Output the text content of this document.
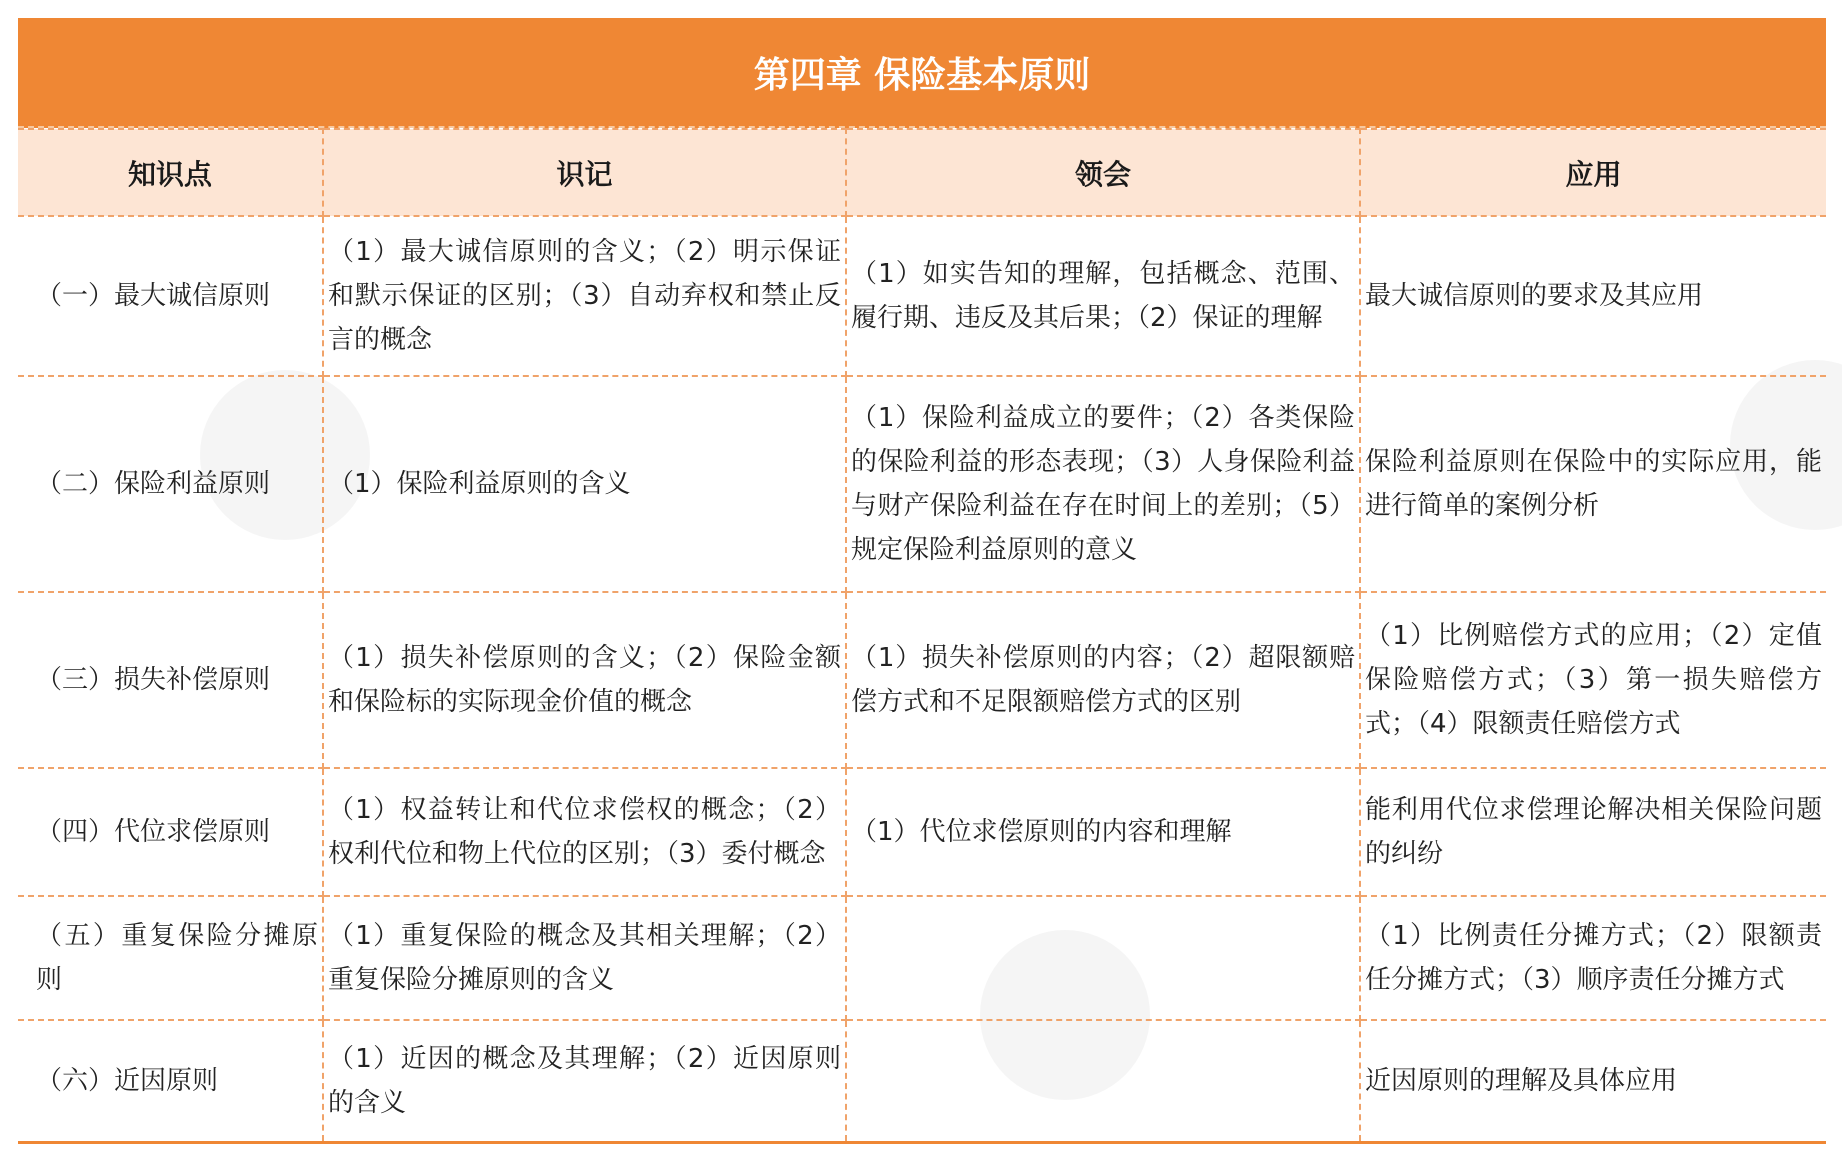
第四章 保险基本原则
知识点	识记	领会	应用
（一）最大诚信原则	（1）最大诚信原则的含义；（2）明示保证和默示保证的区别；（3）自动弃权和禁止反言的概念	（1）如实告知的理解，包括概念、范围、履行期、违反及其后果；（2）保证的理解	最大诚信原则的要求及其应用
（二）保险利益原则	（1）保险利益原则的含义	（1）保险利益成立的要件；（2）各类保险的保险利益的形态表现；（3）人身保险利益与财产保险利益在存在时间上的差别；（5）规定保险利益原则的意义	保险利益原则在保险中的实际应用，能进行简单的案例分析
（三）损失补偿原则	（1）损失补偿原则的含义；（2）保险金额和保险标的实际现金价值的概念	（1）损失补偿原则的内容；（2）超限额赔偿方式和不足限额赔偿方式的区别	（1）比例赔偿方式的应用；（2）定值保险赔偿方式；（3）第一损失赔偿方式；（4）限额责任赔偿方式
（四）代位求偿原则	（1）权益转让和代位求偿权的概念；（2）权利代位和物上代位的区别；（3）委付概念	（1）代位求偿原则的内容和理解	能利用代位求偿理论解决相关保险问题的纠纷
（五）重复保险分摊原则	（1）重复保险的概念及其相关理解；（2）重复保险分摊原则的含义		（1）比例责任分摊方式；（2）限额责任分摊方式；（3）顺序责任分摊方式
（六）近因原则	（1）近因的概念及其理解；（2）近因原则的含义		近因原则的理解及具体应用
